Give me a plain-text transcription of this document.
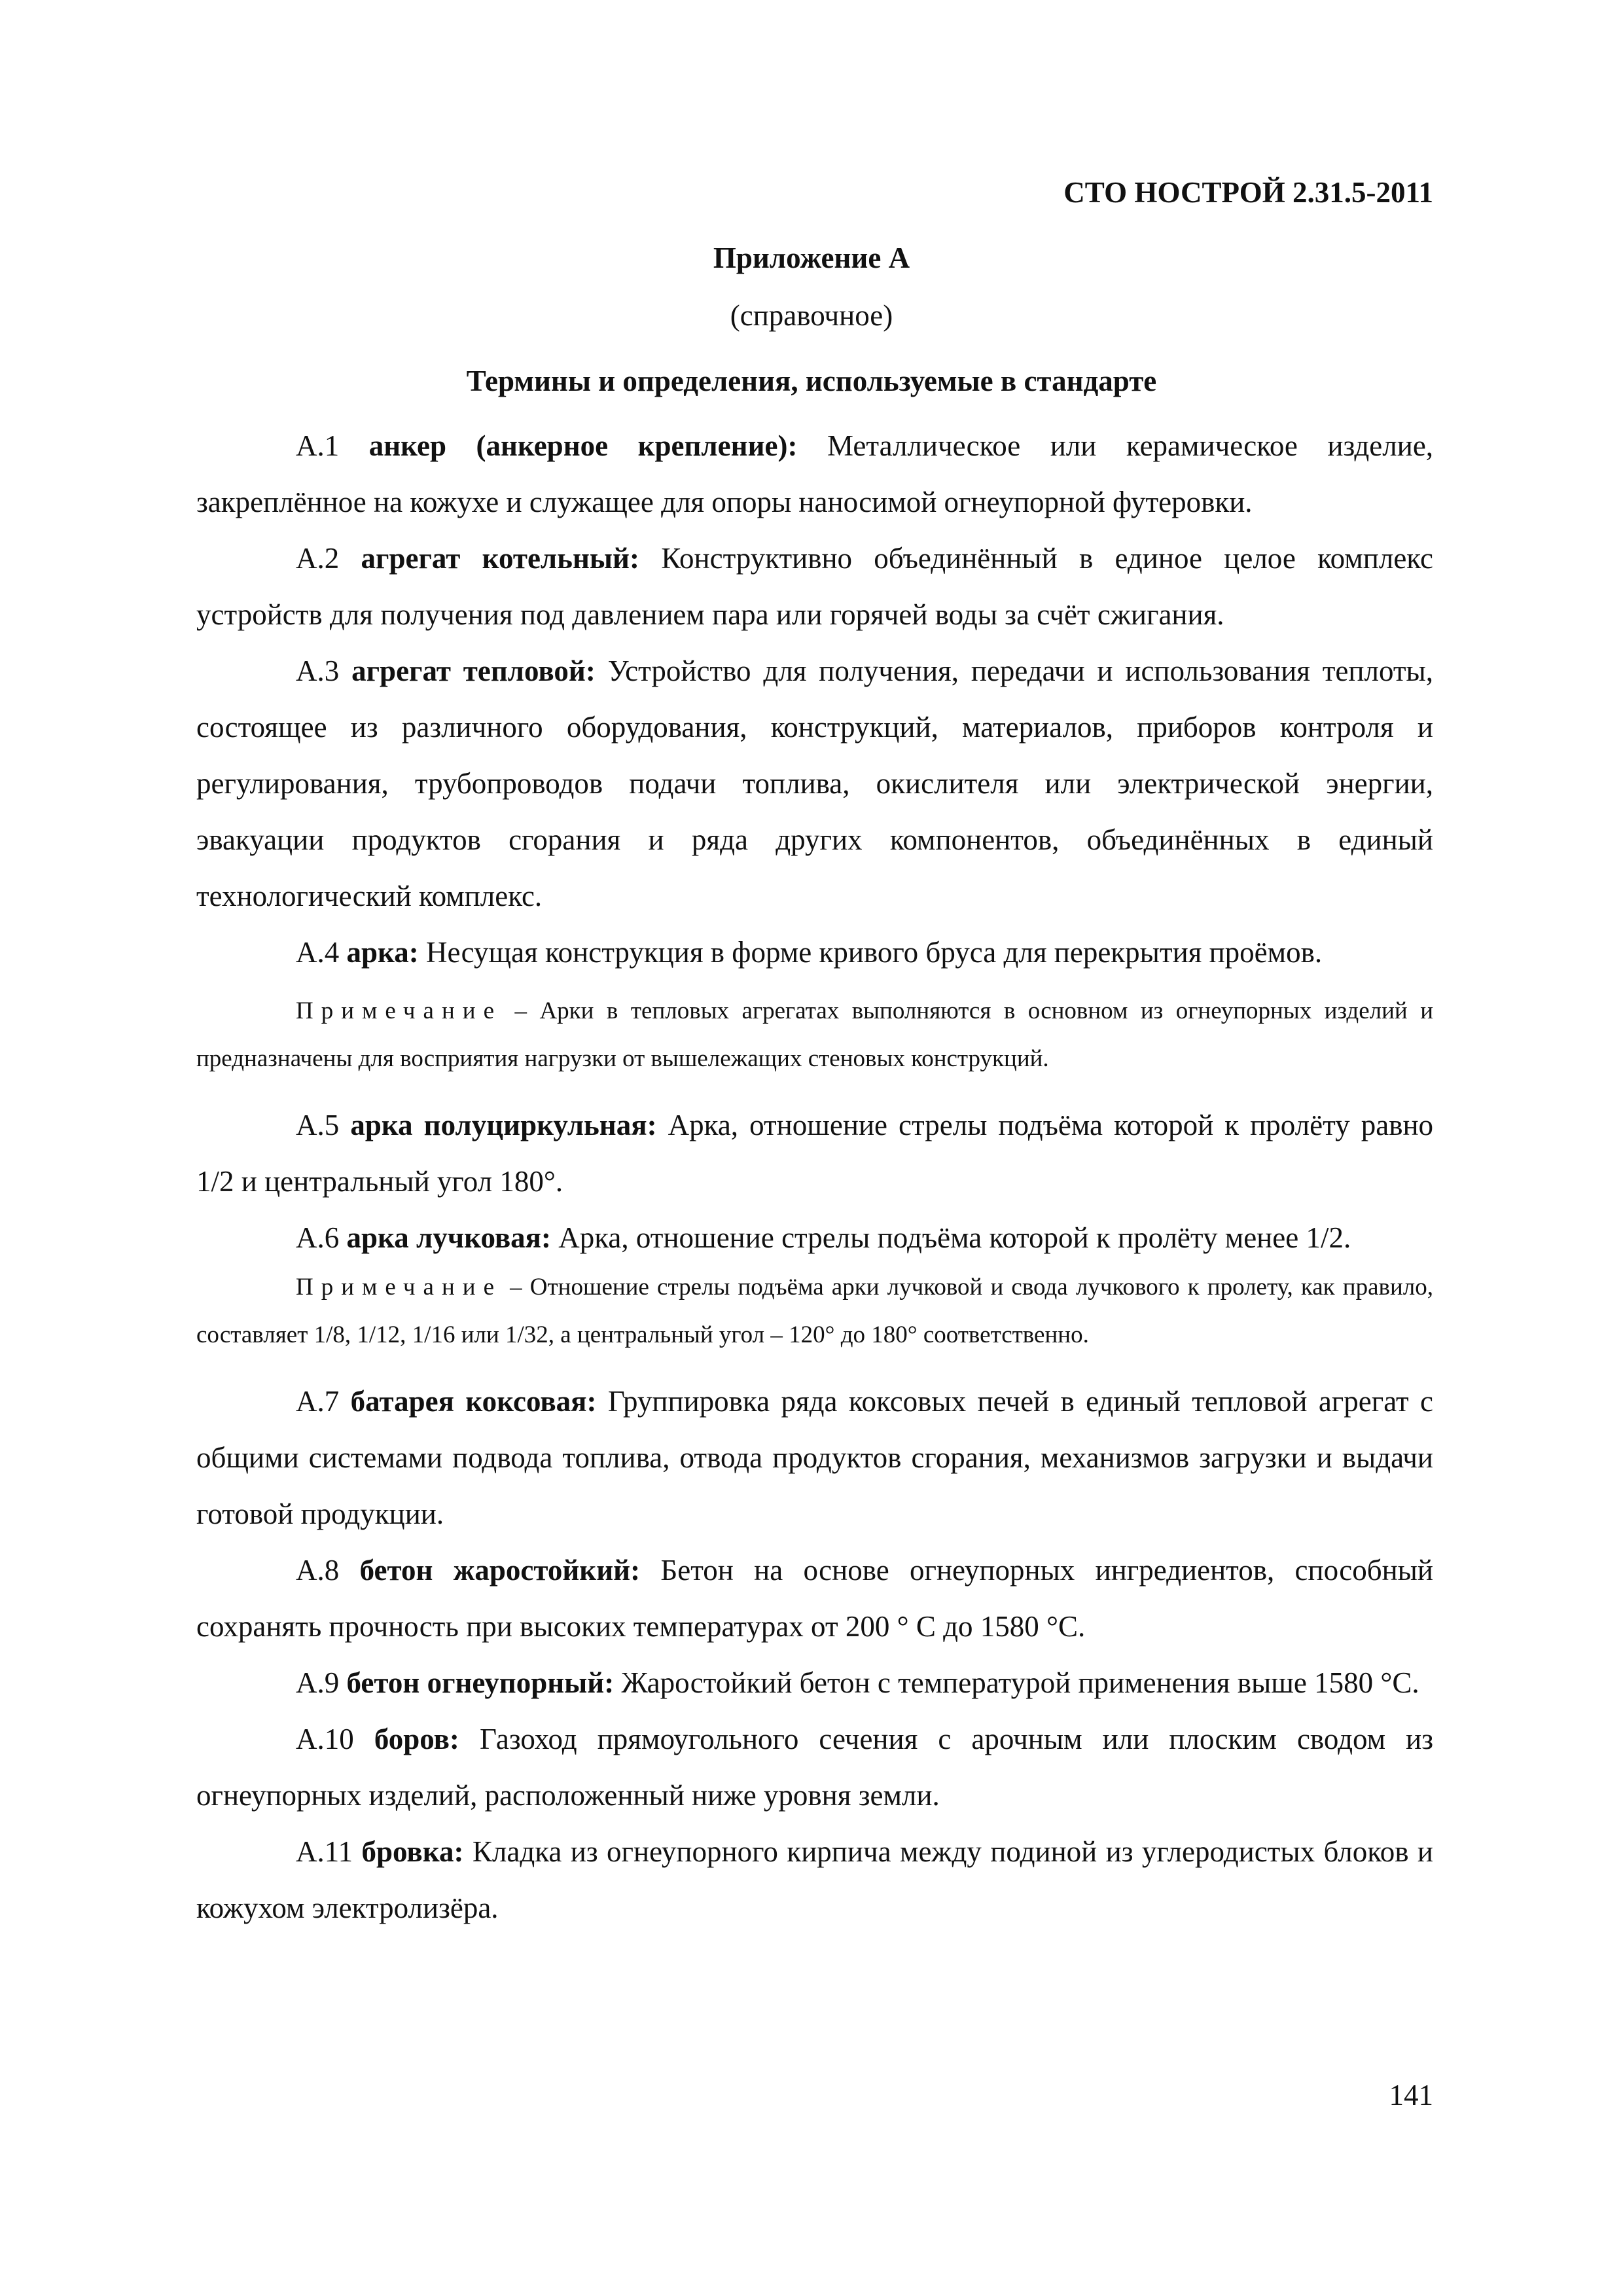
СТО НОСТРОЙ 2.31.5-2011
Приложение А
(справочное)
Термины и определения, используемые в стандарте

А.1 анкер (анкерное крепление): Металлическое или керамическое изделие, закреплённое на кожухе и служащее для опоры наносимой огнеупорной футеровки.

А.2 агрегат котельный: Конструктивно объединённый в единое целое комплекс устройств для получения под давлением пара или горячей воды за счёт сжигания.

А.3 агрегат тепловой: Устройство для получения, передачи и использования теплоты, состоящее из различного оборудования, конструкций, материалов, приборов контроля и регулирования, трубопроводов подачи топлива, окислителя или электрической энергии, эвакуации продуктов сгорания и ряда других компонентов, объединённых в единый технологический комплекс.

А.4 арка: Несущая конструкция в форме кривого бруса для перекрытия проёмов.

Примечание – Арки в тепловых агрегатах выполняются в основном из огнеупорных изделий и предназначены для восприятия нагрузки от вышележащих стеновых конструкций.

А.5 арка полуциркульная: Арка, отношение стрелы подъёма которой к пролёту равно 1/2 и центральный угол 180°.

А.6 арка лучковая: Арка, отношение стрелы подъёма которой к пролёту менее 1/2.

Примечание – Отношение стрелы подъёма арки лучковой и свода лучкового к пролету, как правило, составляет 1/8, 1/12, 1/16 или 1/32, а центральный угол – 120° до 180° соответственно.

А.7 батарея коксовая: Группировка ряда коксовых печей в единый тепловой агрегат с общими системами подвода топлива, отвода продуктов сгорания, механизмов загрузки и выдачи готовой продукции.

А.8 бетон жаростойкий: Бетон на основе огнеупорных ингредиентов, способный сохранять прочность при высоких температурах от 200 ° С до 1580 °С.

А.9 бетон огнеупорный: Жаростойкий бетон с температурой применения выше 1580 °С.

А.10 боров: Газоход прямоугольного сечения с арочным или плоским сводом из огнеупорных изделий, расположенный ниже уровня земли.

А.11 бровка: Кладка из огнеупорного кирпича между подиной из углеродистых блоков и кожухом электролизёра.

141
